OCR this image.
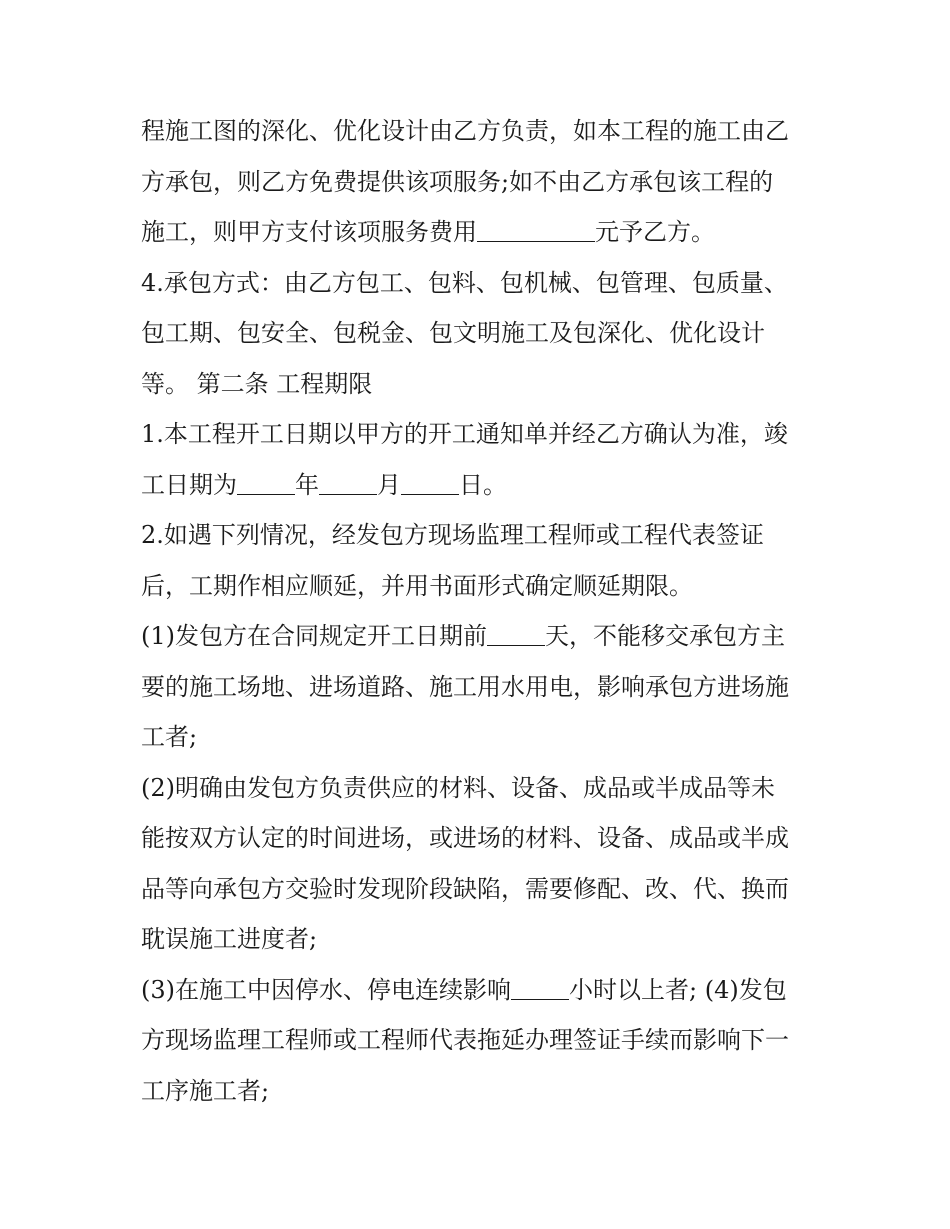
程施工图的深化、优化设计由乙方负责，如本工程的施工由乙
方承包，则乙方免费提供该项服务;如不由乙方承包该工程的
施工，则甲方支付该项服务费用	元予乙方。
4.承包方式：由乙方包工、包料、包机械、包管理、包质量、
包工期、包安全、包税金、包文明施工及包深化、优化设计
等。 第二条 工程期限
1.本工程开工日期以甲方的开工通知单并经乙方确认为准，竣
工日期为 年 月 日。
2.如遇下列情况，经发包方现场监理工程师或工程代表签证
后，工期作相应顺延，并用书面形式确定顺延期限。
(1)发包方在合同规定开工日期前 天，不能移交承包方主
要的施工场地、进场道路、施工用水用电，影响承包方进场施
工者;
(2)明确由发包方负责供应的材料、设备、成品或半成品等未
能按双方认定的时间进场，或进场的材料、设备、成品或半成
品等向承包方交验时发现阶段缺陷，需要修配、改、代、换而
耽误施工进度者;
(3)在施工中因停水、停电连续影响 小时以上者; (4)发包
方现场监理工程师或工程师代表拖延办理签证手续而影响下一
工序施工者;
